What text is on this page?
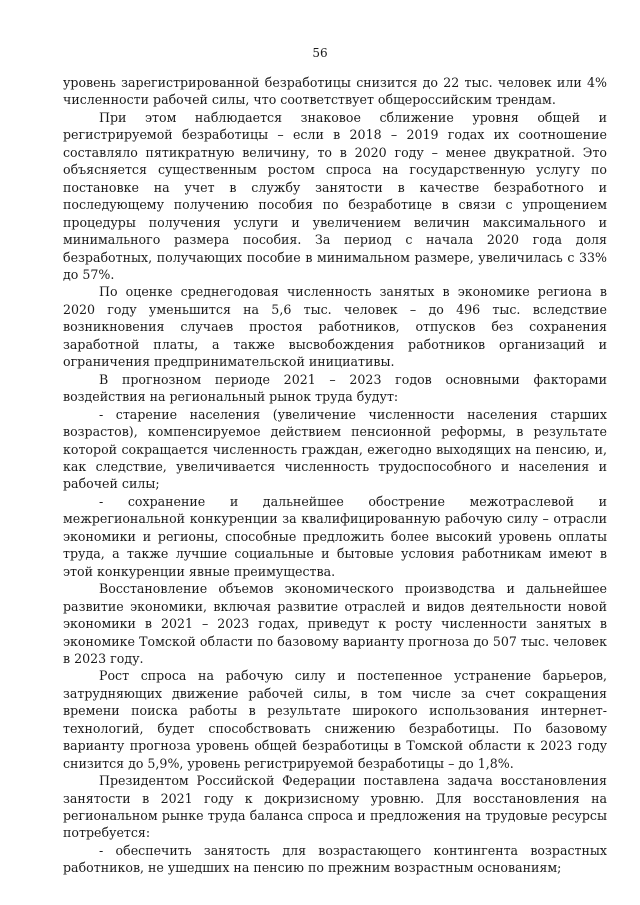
56

уровень зарегистрированной безработицы снизится до 22 тыс. человек или 4% численности рабочей силы, что соответствует общероссийским трендам.

При этом наблюдается знаковое сближение уровня общей и регистрируемой безработицы – если в 2018 – 2019 годах их соотношение составляло пятикратную величину, то в 2020 году – менее двукратной. Это объясняется существенным ростом спроса на государственную услугу по постановке на учет в службу занятости в качестве безработного и последующему получению пособия по безработице в связи с упрощением процедуры получения услуги и увеличением величин максимального и минимального размера пособия. За период с начала 2020 года доля безработных, получающих пособие в минимальном размере, увеличилась с 33% до 57%.

По оценке среднегодовая численность занятых в экономике региона в 2020 году уменьшится на 5,6 тыс. человек – до 496 тыс. вследствие возникновения случаев простоя работников, отпусков без сохранения заработной платы, а также высвобождения работников организаций и ограничения предпринимательской инициативы.

В прогнозном периоде 2021 – 2023 годов основными факторами воздействия на региональный рынок труда будут:

- старение населения (увеличение численности населения старших возрастов), компенсируемое действием пенсионной реформы, в результате которой сокращается численность граждан, ежегодно выходящих на пенсию, и, как следствие, увеличивается численность трудоспособного и населения и рабочей силы;

- сохранение и дальнейшее обострение межотраслевой и межрегиональной конкуренции за квалифицированную рабочую силу – отрасли экономики и регионы, способные предложить более высокий уровень оплаты труда, а также лучшие социальные и бытовые условия работникам имеют в этой конкуренции явные преимущества.

Восстановление объемов экономического производства и дальнейшее развитие экономики, включая развитие отраслей и видов деятельности новой экономики в 2021 – 2023 годах, приведут к росту численности занятых в экономике Томской области по базовому варианту прогноза до 507 тыс. человек в 2023 году.

Рост спроса на рабочую силу и постепенное устранение барьеров, затрудняющих движение рабочей силы, в том числе за счет сокращения времени поиска работы в результате широкого использования интернет-технологий, будет способствовать снижению безработицы. По базовому варианту прогноза уровень общей безработицы в Томской области к 2023 году снизится до 5,9%, уровень регистрируемой безработицы – до 1,8%.

Президентом Российской Федерации поставлена задача восстановления занятости в 2021 году к докризисному уровню. Для восстановления на региональном рынке труда баланса спроса и предложения на трудовые ресурсы потребуется:

- обеспечить занятость для возрастающего контингента возрастных работников, не ушедших на пенсию по прежним возрастным основаниям;
